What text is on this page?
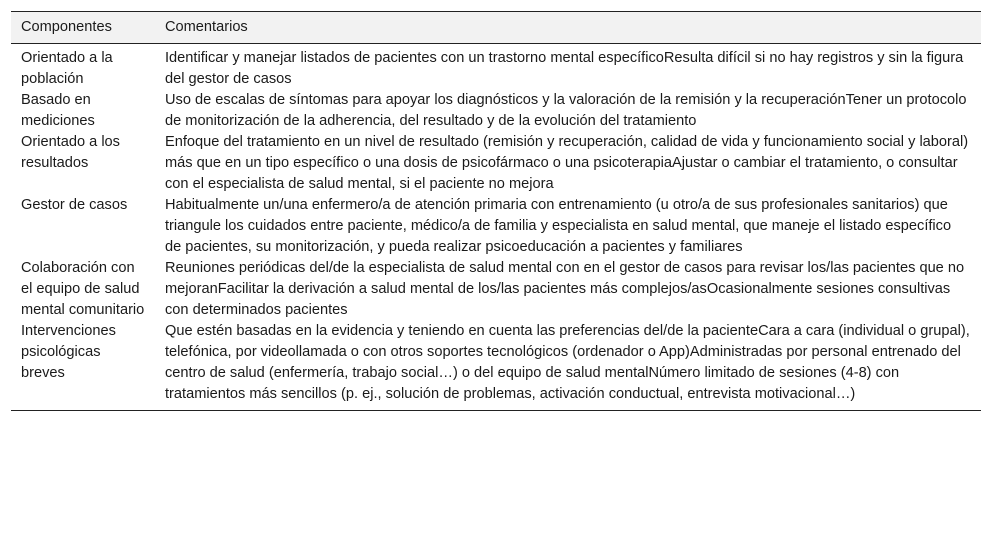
Componentes	Comentarios
Orientado a la población	Identificar y manejar listados de pacientes con un trastorno mental específicoResulta difícil si no hay registros y sin la figura del gestor de casos
Basado en mediciones	Uso de escalas de síntomas para apoyar los diagnósticos y la valoración de la remisión y la recuperaciónTener un protocolo de monitorización de la adherencia, del resultado y de la evolución del tratamiento
Orientado a los resultados	Enfoque del tratamiento en un nivel de resultado (remisión y recuperación, calidad de vida y funcionamiento social y laboral) más que en un tipo específico o una dosis de psicofármaco o una psicoterapiaAjustar o cambiar el tratamiento, o consultar con el especialista de salud mental, si el paciente no mejora
Gestor de casos	Habitualmente un/una enfermero/a de atención primaria con entrenamiento (u otro/a de sus profesionales sanitarios) que triangule los cuidados entre paciente, médico/a de familia y especialista en salud mental, que maneje el listado específico de pacientes, su monitorización, y pueda realizar psicoeducación a pacientes y familiares
Colaboración con el equipo de salud mental comunitario	Reuniones periódicas del/de la especialista de salud mental con en el gestor de casos para revisar los/las pacientes que no mejoranFacilitar la derivación a salud mental de los/las pacientes más complejos/asOcasionalmente sesiones consultivas con determinados pacientes
Intervenciones psicológicas breves	Que estén basadas en la evidencia y teniendo en cuenta las preferencias del/de la pacienteCara a cara (individual o grupal), telefónica, por videollamada o con otros soportes tecnológicos (ordenador o App)Administradas por personal entrenado del centro de salud (enfermería, trabajo social…) o del equipo de salud mentalNúmero limitado de sesiones (4-8) con tratamientos más sencillos (p. ej., solución de problemas, activación conductual, entrevista motivacional…)
